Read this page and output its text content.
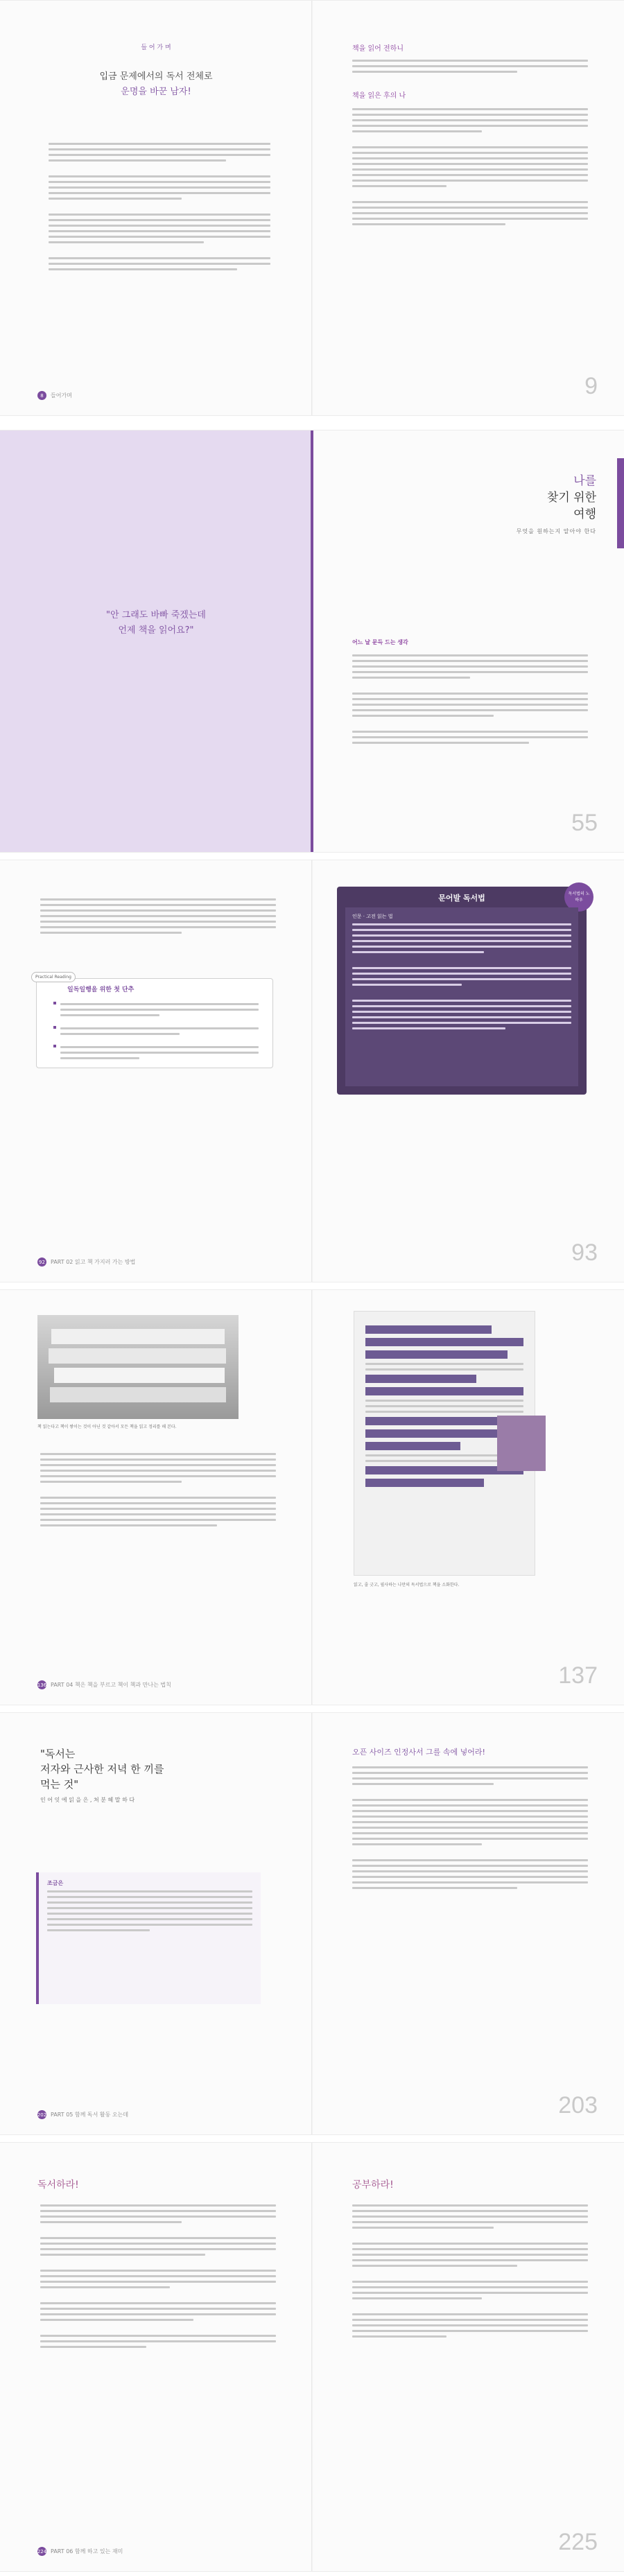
들 어 가 며
입금 문제에서의 독서 전체로
운명을 바꾼 남자!
8	들어가며
책을 읽어 전하니
책을 읽은 후의 나
9
"안 그래도 바빠 죽겠는데
언제 책을 읽어요?"
나를
찾기 위한
여행
무엇을 원하는지 알아야 한다
어느 날 문득 드는 생각
55
Practical Reading
일독일행을 위한 첫 단추
92 PART 02 읽고 책 가지러 가는 방법
독서법의 노하우
문어발 독서법
인문 · 고전 읽는 법
93
책 읽는다고 책이 쌓이는 것이 아닌 것 같아서 모든 책을 읽고 정리를 해 본다.
136 PART 04 책은 책을 부르고 책이 책과 만나는 법칙
읽고, 줄 긋고, 필사하는 나만의 독서법으로 책을 소화한다.
137
"독서는
저자와 근사한 저녁 한 끼를
먹는 것"
인 어 잇 에 읽 을 은 , 쳐 분 헤 말 하 다
조금은
202 PART 05 함께 독서 활동 오는데
오픈 사이즈 인정사서 그를 속에 넣어라!
203
독서하라!
224 PART 06 함께 하고 있는 재미
공부하라!
225
